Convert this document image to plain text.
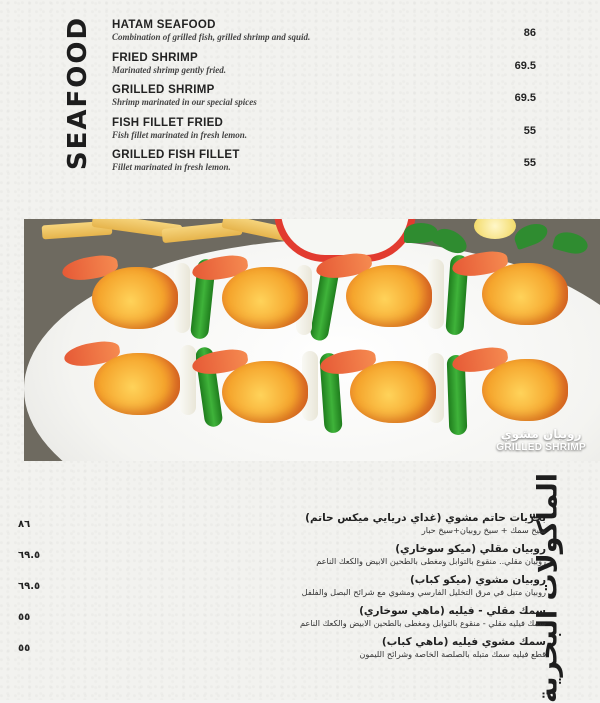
SEAFOOD HATAM SEAFOOD
Combination of grilled fish, grilled shrimp and squid.	86
FRIED SHRIMP
Marinated shrimp gently fried.	69.5
GRILLED SHRIMP
Shrimp marinated in our special spices	69.5
FISH FILLET FRIED
Fish fillet marinated in fresh lemon.	55
GRILLED FISH FILLET
Fillet marinated in fresh lemon.	55
روبيان مشوي
GRILLED SHRIMP
المأكولات البحرية
بحريات حاتم مشوي (غداي دريايي ميكس حاتم)
سيخ سمك + سيخ روبيان+سيخ حبار
٨٦
روبيان مقلي (ميكو سوخاري)
روبيان مقلي.. منقوع بالتوابل ومغطى بالطحين الابيض والكعك الناعم
٦٩.٥
روبيان مشوي (ميكو كباب)
روبيان متبل في مرق التخليل الفارسي ومشوي مع شرائح البصل والفلفل
٦٩.٥
سمك مقلي - فيليه (ماهي سوخاري)
سمك فيليه مقلي - منقوع بالتوابل ومغطى بالطحين الابيض والكعك الناعم
٥٥
سمك مشوي فيليه (ماهي كباب)
قطع فيليه سمك متبله بالصلصة الخاصة وشرائح الليمون
٥٥
